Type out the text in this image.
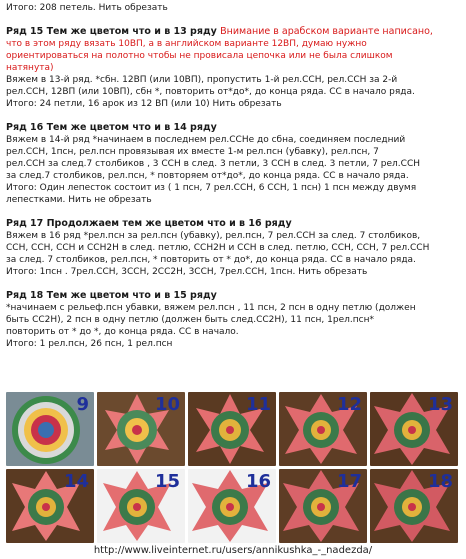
Итого: 208 петель. Нить обрезать
Ряд 15 Тем же цветом что и в 13 ряду Внимание в арабском варианте написано,
что в этом ряду вязать 10ВП, а в английском варианте 12ВП, думаю нужно
ориентироваться на полотно чтобы не провисала цепочка или не была слишком
натянута)
Вяжем в 13-й ряд. *сбн. 12ВП (или 10ВП), пропустить 1-й рел.ССН, рел.ССН за 2-й
рел.ССН, 12ВП (или 10ВП), сбн *, повторить от*до*, до конца ряда. СС в начало ряда.
Итого: 24 петли, 16 арок из 12 ВП (или 10) Нить обрезать
Ряд 16 Тем же цветом что и в 14 ряду
Вяжем в 14-й ряд *начинаем в последнем рел.ССНе до сбна, соединяем последний
рел.ССН, 1псн, рел.псн провязывая их вместе 1-м рел.псн (убавку), рел.псн, 7
рел.ССН за след.7 столбиков , 3 ССН в след. 3 петли, 3 ССН в след. 3 петли, 7 рел.ССН
за след.7 столбиков, рел.псн, * повторяем от*до*, до конца ряда. СС в начало ряда.
Итого: Один лепесток состоит из ( 1 псн, 7 рел.ССН, 6 ССН, 1 псн) 1 псн между двумя
лепестками. Нить не обрезать
Ряд 17 Продолжаем тем же цветом что и в 16 ряду
Вяжем в 16 ряд *рел.псн за рел.псн (убавку), рел.псн, 7 рел.ССН за след. 7 столбиков,
ССН, ССН, ССН и ССН2Н в след. петлю, ССН2Н и ССН в след. петлю, ССН, ССН, 7 рел.ССН
за след. 7 столбиков, рел.псн, * повторить от * до*, до конца ряда. СС в начало ряда.
Итого: 1псн . 7рел.ССН, 3ССН, 2СС2Н, 3ССН, 7рел.ССН, 1псн. Нить обрезать
Ряд 18 Тем же цветом что и в 15 ряду
*начинаем с рельеф.псн убавки, вяжем рел.псн , 11 псн, 2 псн в одну петлю (должен
быть СС2Н), 2 псн в одну петлю (должен быть след.СС2Н), 11 псн, 1рел.псн*
повторить от * до *, до конца ряда. СС в начало.
Итого: 1 рел.псн, 26 псн, 1 рел.псн
9	10	11	12	13
14	15	16	17	18
http://www.liveinternet.ru/users/annikushka_-_nadezda/
